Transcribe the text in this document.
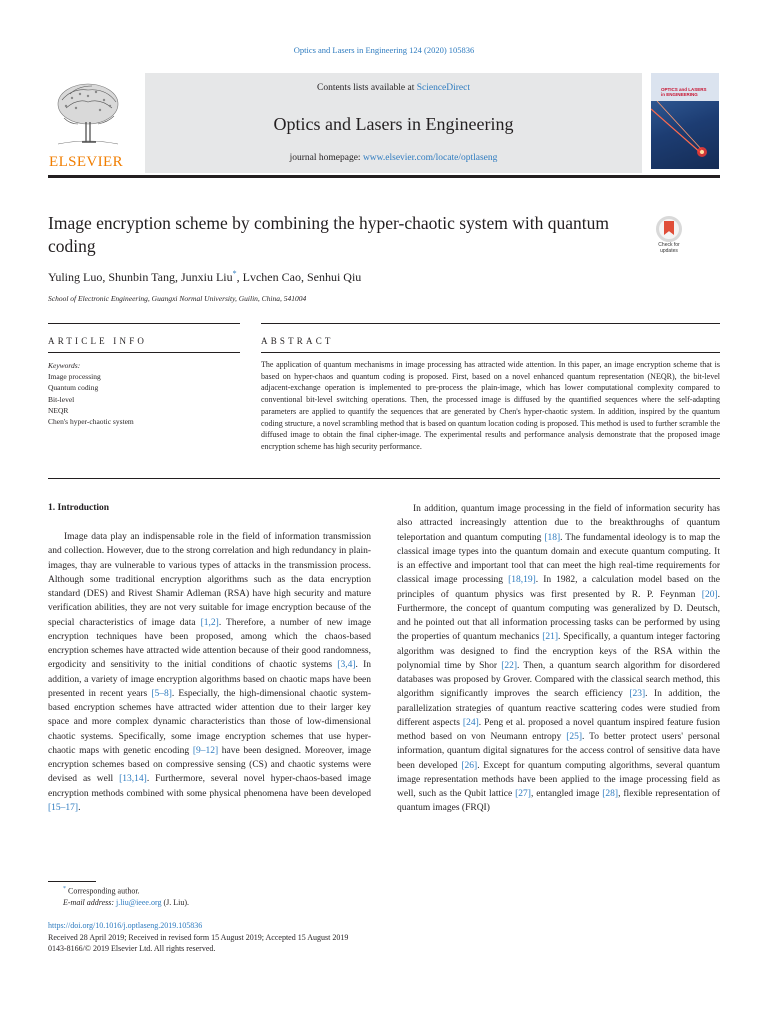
Optics and Lasers in Engineering 124 (2020) 105836
ELSEVIER
Contents lists available at ScienceDirect
Optics and Lasers in Engineering
journal homepage: www.elsevier.com/locate/optlaseng
OPTICS and LASERS
in ENGINEERING
Image encryption scheme by combining the hyper-chaotic system with quantum coding	Check for
updates
Yuling Luo, Shunbin Tang, Junxiu Liu*, Lvchen Cao, Senhui Qiu
School of Electronic Engineering, Guangxi Normal University, Guilin, China, 541004
ARTICLE INFO	ABSTRACT
Keywords:
Image processing
Quantum coding
Bit-level
NEQR
Chen's hyper-chaotic system
The application of quantum mechanisms in image processing has attracted wide attention. In this paper, an image encryption scheme that is based on hyper-chaos and quantum coding is proposed. First, based on a novel enhanced quantum representation (NEQR), the bit-level adjacent-exchange operation is implemented to pre-process the plain-image, which has lower computational complexity compared to conventional bit-level switching operations. Then, the processed image is diffused by the quantified sequences where the self-adapting parameters are applied to quantify the sequences that are generated by Chen's hyper-chaotic system. In addition, inspired by the quantum coding structure, a novel scrambling method that is based on quantum location coding is proposed. This method is used to further scramble the diffused image to obtain the final cipher-image. The experimental results and performance analysis demonstrate that the proposed image encryption scheme has high security performance.
1. Introduction
Image data play an indispensable role in the field of information transmission and collection. However, due to the strong correlation and high redundancy in plain-images, thay are vulnerable to various types of attacks in the transmission process. Although some traditional encryption algorithms such as the data encryption standard (DES) and Rivest Shamir Adleman (RSA) have high security and mature verification abilities, they are not very suitable for image encryption because of the special characteristics of image data [1,2]. Therefore, a number of new image encryption techniques have been proposed, among which the chaos-based encryption schemes have attracted wide attention because of their good randomness, ergodicity and sensitivity to the initial conditions of chaotic systems [3,4]. In addition, a variety of image encryption algorithms based on chaotic maps have been presented in recent years [5–8]. Especially, the high-dimensional chaotic system-based encryption schemes have attracted wider attention due to their larger key space and more complex dynamic characteristics than those of low-dimensional chaotic systems. Specifically, some image encryption schemes that use hyper-chaotic maps with genetic encoding [9–12] have been designed. Moreover, image encryption schemes based on compressive sensing (CS) and chaotic systems were devised as well [13,14]. Furthermore, several novel hyper-chaos-based image encryption methods combined with some physical phenomena have been developed [15–17].
In addition, quantum image processing in the field of information security has also attracted increasingly attention due to the breakthroughs of quantum teleportation and quantum computing [18]. The fundamental ideology is to map the classical image types into the quantum domain and execute quantum computing. It is an effective and important tool that can meet the high real-time requirements for classical image processing [18,19]. In 1982, a calculation model based on the principles of quantum physics was first presented by R. P. Feynman [20]. Furthermore, the concept of quantum computing was generalized by D. Deutsch, and he pointed out that all information processing tasks can be performed by using the properties of quantum mechanics [21]. Specifically, a quantum integer factoring algorithm was designed to find the encryption keys of the RSA within the polynomial time by Shor [22]. Then, a quantum search algorithm for disordered databases was proposed by Grover. Compared with the classical search method, this algorithm significantly improves the search efficiency [23]. In addition, the parallelization strategies of quantum reactive scattering codes were studied from different aspects [24]. Peng et al. proposed a novel quantum inspired feature fusion method based on von Neumann entropy [25]. To better protect users' personal information, quantum digital signatures for the access control of sensitive data have been developed [26]. Except for quantum computing algorithms, several quantum image representation methods have been applied to the image processing field as well, such as the Qubit lattice [27], entangled image [28], flexible representation of quantum images (FRQI)
* Corresponding author.
E-mail address: j.liu@ieee.org (J. Liu).
https://doi.org/10.1016/j.optlaseng.2019.105836
Received 28 April 2019; Received in revised form 15 August 2019; Accepted 15 August 2019
0143-8166/© 2019 Elsevier Ltd. All rights reserved.
